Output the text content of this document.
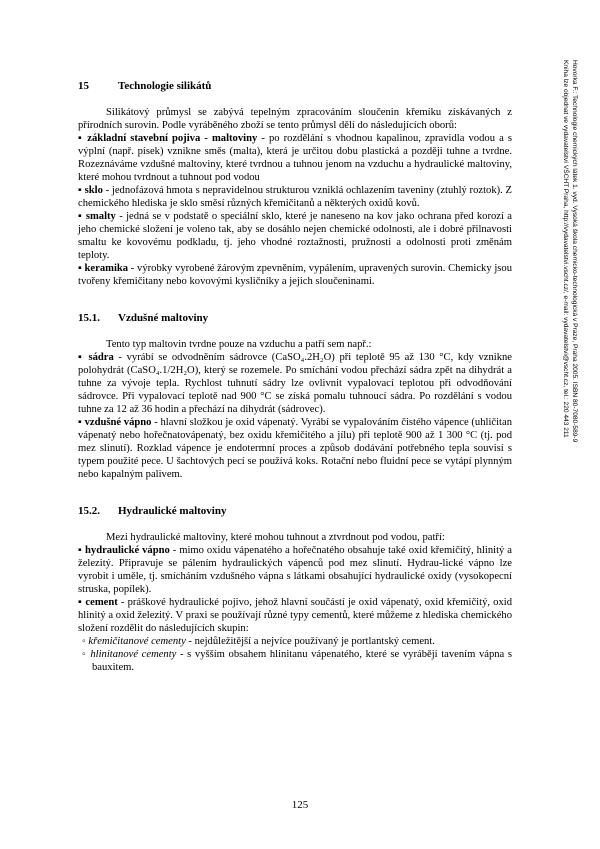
Hovorka F.: Technologie chemických látek 1. vyd. Vysoká škola chemicko-technologická v Praze, Praha 2005. ISBN 80-7080-589-9
Kniha lze objednat ve vydavatelství VŠCHT Praha, http://vydavatelstvi.vscht.cz/, e-mail: vydavatelstvi@vscht.cz, tel.: 220 443 211
15	Technologie silikátů

Silikátový průmysl se zabývá tepelným zpracováním sloučenin křemíku získávaných z přírodních surovin. Podle vyráběného zboží se tento průmysl dělí do následujících oborů:

▪ základní stavební pojiva - maltoviny - po rozdělání s vhodnou kapalinou, zpravidla vodou a s výplní (např. písek) vznikne směs (malta), která je určitou dobu plastická a později tuhne a tvrdne. Rozeznáváme vzdušné maltoviny, které tvrdnou a tuhnou jenom na vzduchu a hydraulické maltoviny, které mohou tvrdnout a tuhnout pod vodou

▪ sklo - jednofázová hmota s nepravidelnou strukturou vzniklá ochlazením taveniny (ztuhlý roztok). Z chemického hlediska je sklo směsí různých křemičitanů a některých oxidů kovů.

▪ smalty - jedná se v podstatě o speciální sklo, které je naneseno na kov jako ochrana před korozí a jeho chemické složení je voleno tak, aby se dosáhlo nejen chemické odolnosti, ale i dobré přilnavosti smaltu ke kovovému podkladu, tj. jeho vhodné roztažnosti, pružnosti a odolnosti proti změnám teploty.

▪ keramika - výrobky vyrobené žárovým zpevněním, vypálením, upravených surovin. Chemicky jsou tvořeny křemičitany nebo kovovými kysličníky a jejich sloučeninami.

15.1.	Vzdušné maltoviny

Tento typ maltovin tvrdne pouze na vzduchu a patří sem např.:

▪ sádra - vyrábí se odvodněním sádrovce (CaSO₄.2H₂O) při teplotě 95 až 130 °C, kdy vznikne polohydrát (CaSO₄.1/2H₂O), který se rozemele. Po smíchání vodou přechází sádra zpět na dihydrát a tuhne za vývoje tepla. Rychlost tuhnutí sádry lze ovlivnit vypalovací teplotou při odvodňování sádrovce. Při vypalovací teplotě nad 900 °C se získá pomalu tuhnoucí sádra. Po rozdělání s vodou tuhne za 12 až 36 hodin a přechází na dihydrát (sádrovec).

▪ vzdušné vápno - hlavní složkou je oxid vápenatý. Vyrábí se vypalováním čistého vápence (uhličitan vápenatý nebo hořečnatovápenatý, bez oxidu křemičitého a jílu) při teplotě 900 až 1 300 °C (tj. pod mez slinutí). Rozklad vápence je endotermní proces a způsob dodávání potřebného tepla souvisí s typem použité pece. U šachtových pecí se používá koks. Rotační nebo fluidní pece se vytápí plynným nebo kapalným palivem.

15.2.	Hydraulické maltoviny

Mezi hydraulické maltoviny, které mohou tuhnout a ztvrdnout pod vodou, patří:

▪ hydraulické vápno - mimo oxidu vápenatého a hořečnatého obsahuje také oxid křemičitý, hlinitý a železitý. Připravuje se pálením hydraulických vápenců pod mez slinutí. Hydrau-lické vápno lze vyrobit i uměle, tj. smícháním vzdušného vápna s látkami obsahující hydraulické oxidy (vysokopecní struska, popílek).

▪ cement - práškové hydraulické pojivo, jehož hlavní součástí je oxid vápenatý, oxid křemičitý, oxid hlinitý a oxid železitý. V praxi se používají různé typy cementů, které můžeme z hlediska chemického složení rozdělit do následujících skupin:

◦ křemičitanové cementy - nejdůležitější a nejvíce používaný je portlantský cement.

◦ hlinitanové cementy - s vyšším obsahem hlinitanu vápenatého, které se vyrábějí tavením vápna s bauxitem.

125
